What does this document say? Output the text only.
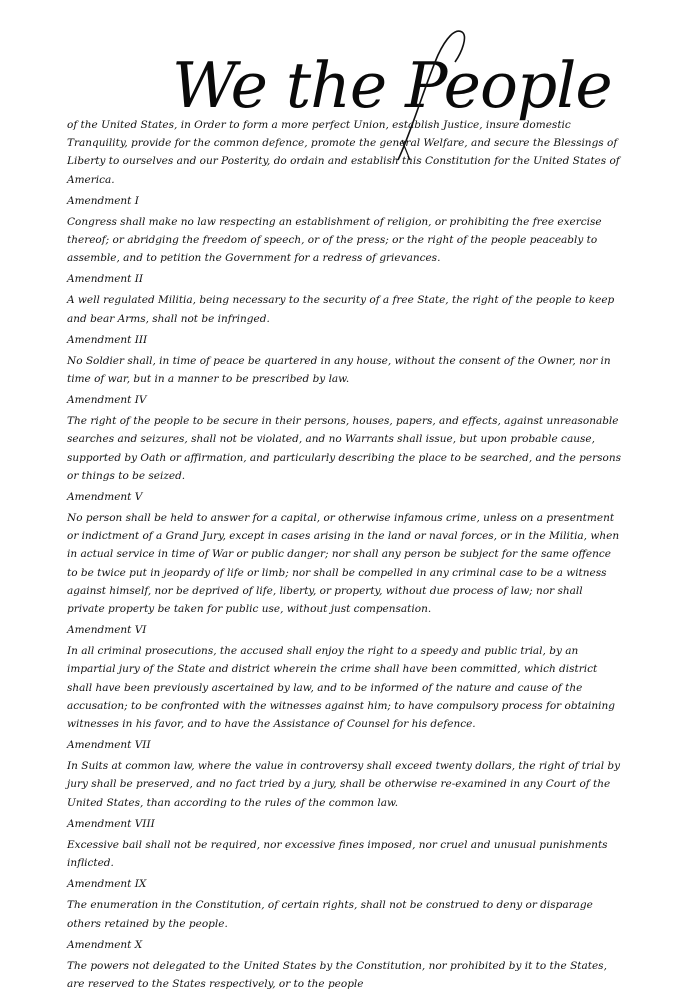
We the People

of the United States, in Order to form a more perfect Union, establish Justice, insure domestic Tranquility, provide for the common defence, promote the general Welfare, and secure the Blessings of Liberty to ourselves and our Posterity, do ordain and establish this Constitution for the United States of America.

Amendment I

Congress shall make no law respecting an establishment of religion, or prohibiting the free exercise thereof; or abridging the freedom of speech, or of the press; or the right of the people peaceably to assemble, and to petition the Government for a redress of grievances.

Amendment II

A well regulated Militia, being necessary to the security of a free State, the right of the people to keep and bear Arms, shall not be infringed.

Amendment III

No Soldier shall, in time of peace be quartered in any house, without the consent of the Owner, nor in time of war, but in a manner to be prescribed by law.

Amendment IV

The right of the people to be secure in their persons, houses, papers, and effects, against unreasonable searches and seizures, shall not be violated, and no Warrants shall issue, but upon probable cause, supported by Oath or affirmation, and particularly describing the place to be searched, and the persons or things to be seized.

Amendment V

No person shall be held to answer for a capital, or otherwise infamous crime, unless on a presentment or indictment of a Grand Jury, except in cases arising in the land or naval forces, or in the Militia, when in actual service in time of War or public danger; nor shall any person be subject for the same offence to be twice put in jeopardy of life or limb; nor shall be compelled in any criminal case to be a witness against himself, nor be deprived of life, liberty, or property, without due process of law; nor shall private property be taken for public use, without just compensation.

Amendment VI

In all criminal prosecutions, the accused shall enjoy the right to a speedy and public trial, by an impartial jury of the State and district wherein the crime shall have been committed, which district shall have been previously ascertained by law, and to be informed of the nature and cause of the accusation; to be confronted with the witnesses against him; to have compulsory process for obtaining witnesses in his favor, and to have the Assistance of Counsel for his defence.

Amendment VII

In Suits at common law, where the value in controversy shall exceed twenty dollars, the right of trial by jury shall be preserved, and no fact tried by a jury, shall be otherwise re-examined in any Court of the United States, than according to the rules of the common law.

Amendment VIII

Excessive bail shall not be required, nor excessive fines imposed, nor cruel and unusual punishments inflicted.

Amendment IX

The enumeration in the Constitution, of certain rights, shall not be construed to deny or disparage others retained by the people.

Amendment X

The powers not delegated to the United States by the Constitution, nor prohibited by it to the States, are reserved to the States respectively, or to the people
